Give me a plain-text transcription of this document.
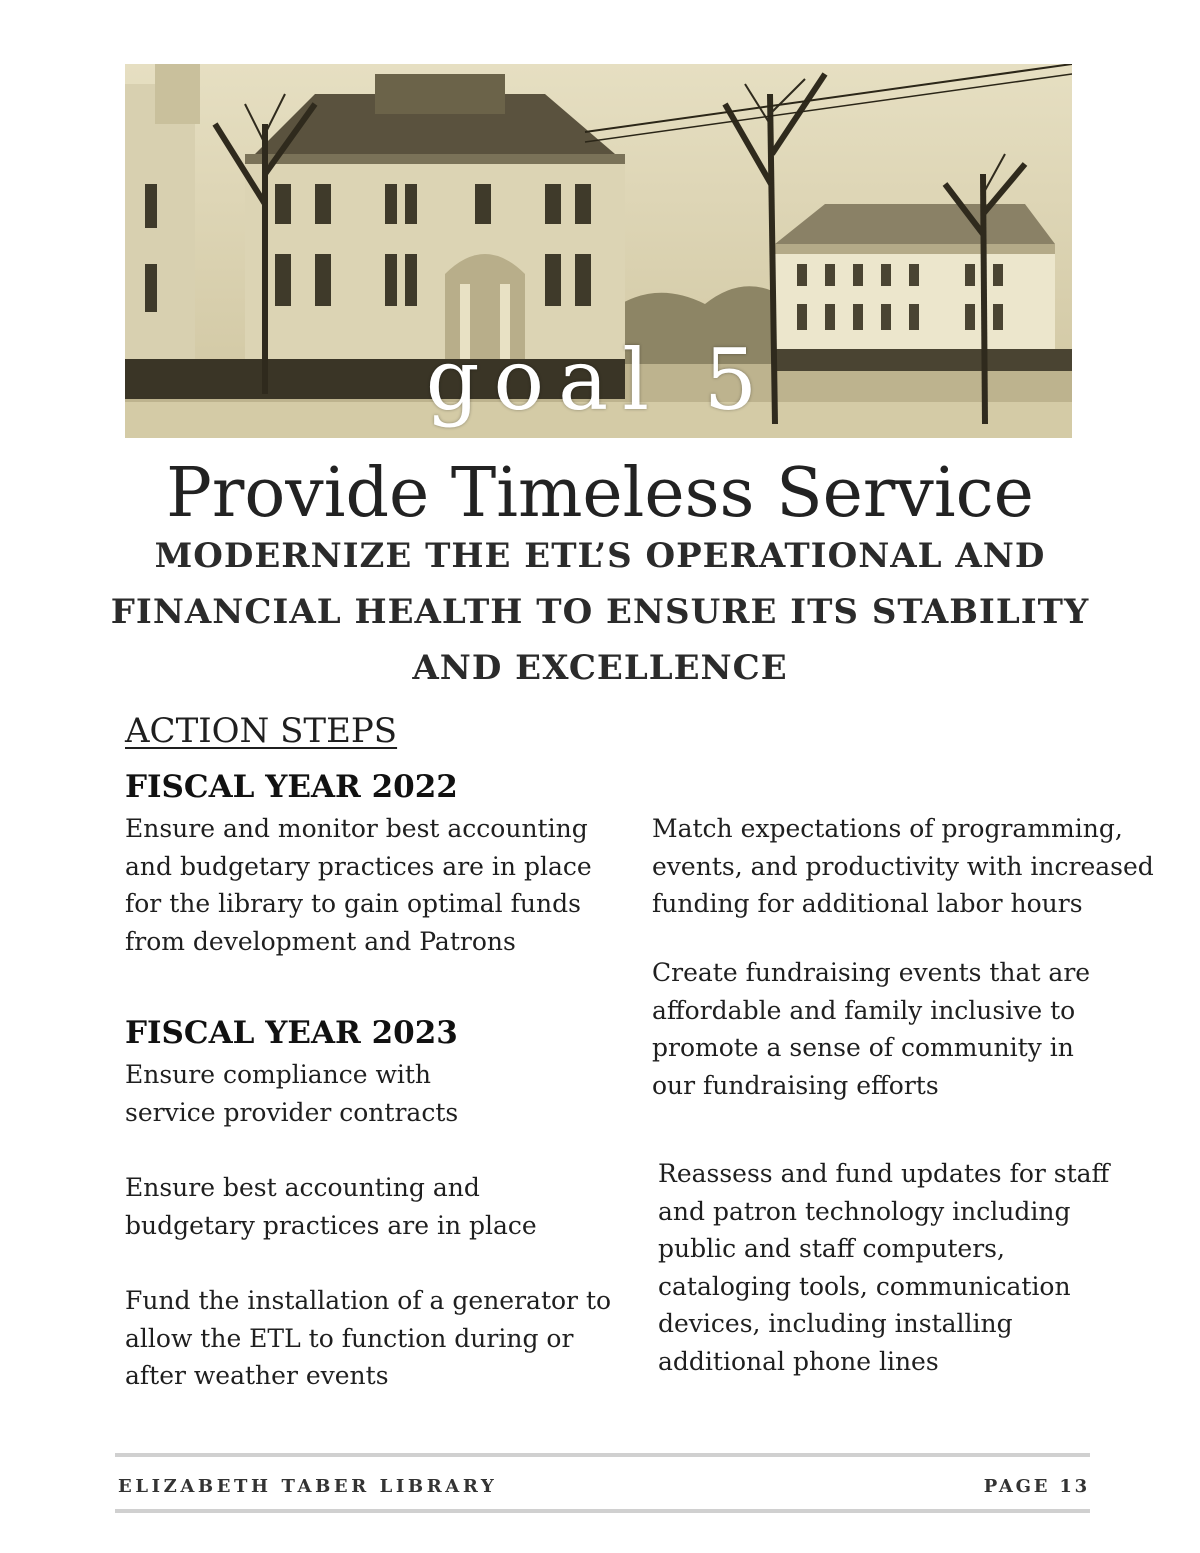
goal 5
Provide Timeless Service
MODERNIZE THE ETL’S OPERATIONAL AND FINANCIAL HEALTH TO ENSURE ITS STABILITY AND EXCELLENCE
ACTION STEPS
FISCAL YEAR 2022
Ensure and monitor best accounting
and budgetary practices are in place
for the library to gain optimal funds
from development and Patrons
FISCAL YEAR 2023
Ensure compliance with
service provider contracts
Ensure best accounting and
budgetary practices are in place
Fund the installation of a generator to
allow the ETL to function during or
after weather events
Match expectations of programming,
events, and productivity with increased
funding for additional labor hours
Create fundraising events that are
affordable and family inclusive to
promote a sense of community in
our fundraising efforts
Reassess and fund updates for staff
and patron technology including
public and staff computers,
cataloging tools, communication
devices, including installing
additional phone lines
ELIZABETH TABER LIBRARY	PAGE 13
